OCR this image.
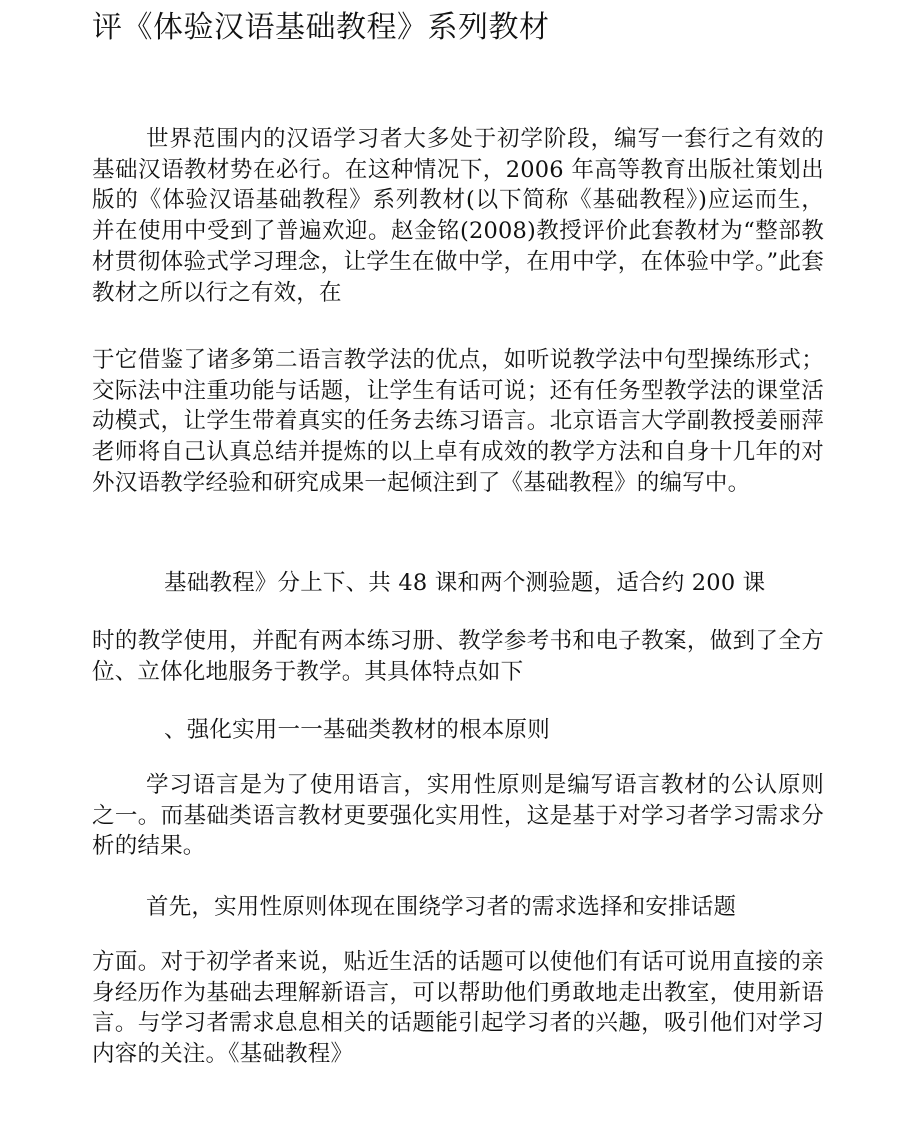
评《体验汉语基础教程》系列教材

世界范围内的汉语学习者大多处于初学阶段，编写一套行之有效的基础汉语教材势在必行。在这种情况下，2006 年高等教育出版社策划出版的《体验汉语基础教程》系列教材(以下简称《基础教程》)应运而生，并在使用中受到了普遍欢迎。赵金铭(2008)教授评价此套教材为“整部教材贯彻体验式学习理念，让学生在做中学，在用中学，在体验中学。”此套教材之所以行之有效，在

于它借鉴了诸多第二语言教学法的优点，如听说教学法中句型操练形式；交际法中注重功能与话题，让学生有话可说；还有任务型教学法的课堂活动模式，让学生带着真实的任务去练习语言。北京语言大学副教授姜丽萍老师将自己认真总结并提炼的以上卓有成效的教学方法和自身十几年的对外汉语教学经验和研究成果一起倾注到了《基础教程》的编写中。

基础教程》分上下、共 48 课和两个测验题，适合约 200 课

时的教学使用，并配有两本练习册、教学参考书和电子教案，做到了全方位、立体化地服务于教学。其具体特点如下

、强化实用一一基础类教材的根本原则

学习语言是为了使用语言，实用性原则是编写语言教材的公认原则之一。而基础类语言教材更要强化实用性，这是基于对学习者学习需求分析的结果。

首先，实用性原则体现在围绕学习者的需求选择和安排话题

方面。对于初学者来说，贴近生活的话题可以使他们有话可说用直接的亲身经历作为基础去理解新语言，可以帮助他们勇敢地走出教室，使用新语言。与学习者需求息息相关的话题能引起学习者的兴趣，吸引他们对学习内容的关注。《基础教程》
